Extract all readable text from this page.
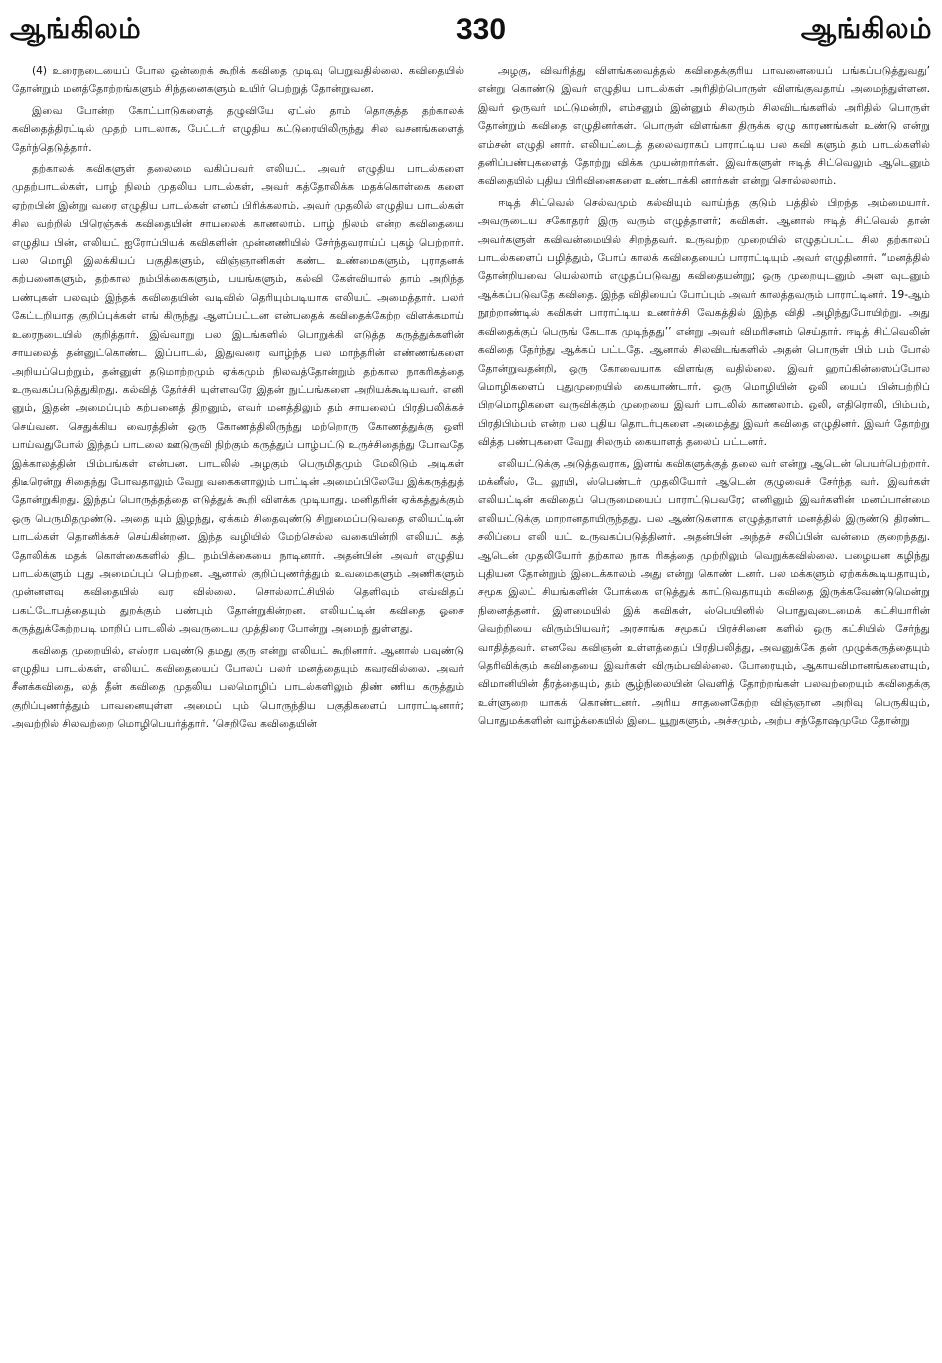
ஆங்கிலம்	330	ஆங்கிலம்

(4) உரைநடையைப் போல ஒன்றைக் கூறிக் கவிதை முடிவு பெறுவதில்லை. கவிதையில் தோன்றும் மனத்தோற்றங்களும் சிந்தனைகளும் உயிர் பெற்றுத் தோன்றுவன.

இவை போன்ற கோட்பாடுகளைத் தழுவியே ஏட்ஸ் தாம் தொகுத்த தற்காலக் கவிதைத்திரட்டில் முதற் பாடலாக, பேட்டர் எழுதிய கட்டுரையிலிருந்து சில வசனங்களைத் தேர்ந்தெடுத்தார்.

தற்காலக் கவிகளுள் தலைமை வகிப்பவர் எலியட். அவர் எழுதிய பாடல்களை முதற்பாடல்கள், பாழ் நிலம் முதலிய பாடல்கள், அவர் கத்தோலிக்க மதக்கொள்கை களை ஏற்றபின் இன்று வரை எழுதிய பாடல்கள் எனப் பிரிக்கலாம். அவர் முதலில் எழுதிய பாடல்கள் சில வற்றில் பிரெஞ்சுக் கவிதையின் சாயலைக் காணலாம். பாழ் நிலம் என்ற கவிதையை எழுதிய பின், எலியட் ஐரோப்பியக் கவிகளின் முன்னணியில் சேர்ந்தவராய்ப் புகழ் பெற்றார். பல மொழி இலக்கியப் பகுதிகளும், விஞ்ஞானிகள் கண்ட உண்மைகளும், புராதனக் கற்பனைகளும், தற்கால நம்பிக்கைகளும், பயங்களும், கல்வி கேள்வியால் தாம் அறிந்த பண்புகள் பலவும் இந்தக் கவிதையின் வடிவில் தெரியும்படியாக எலியட் அமைத்தார். பலர் கேட்டறியாத குறிப்புக்கள் எங் கிருந்து ஆளப்பட்டன என்பதைக் கவிதைக்கேற்ற விளக்கமாய் உரைநடையில் குறித்தார். இவ்வாறு பல இடங்களில் பொறுக்கி எடுத்த கருத்துக்களின் சாயலைத் தன்னுட்கொண்ட இப்பாடல், இதுவரை வாழ்ந்த பல மாந்தரின் எண்ணங்களை அறியப்பெற்றும், தன்னுள் தடுமாற்றமும் ஏக்கமும் நிலவத்தோன்றும் தற்கால நாகரிகத்தை உருவகப்படுத்துகிறது. கல்வித் தேர்ச்சி யுள்ளவரே இதன் நுட்பங்களை அறியக்கூடியவர். எனி னும், இதன் அமைப்பும் கற்பனைத் திறனும், எவர் மனத்திலும் தம் சாயலைப் பிரதிபலிக்கச் செய்வன. செதுக்கிய வைரத்தின் ஒரு கோணத்திலிருந்து மற்றொரு கோணத்துக்கு ஒளி பாய்வதுபோல் இந்தப் பாடலை ஊடுருவி நிற்கும் கருத்துப் பாழ்பட்டு உருச்சிதைந்து போவதே இக்காலத்தின் பிம்பங்கள் என்பன. பாடலில் அழகும் பெருமிதமும் மேலிடும் அடிகள் திடீரென்று சிதைந்து போவதாலும் வேறு வகைகளாலும் பாட்டின் அமைப்பிலேயே இக்கருத்துத் தோன்றுகிறது. இந்தப் பொருத்தத்தை எடுத்துக் கூறி விளக்க முடியாது. மனிதரின் ஏக்கத்துக்கும் ஒரு பெருமிதமுண்டு. அதை யும் இழந்து, ஏக்கம் சிதைவுண்டு சிறுமைப்படுவதை எலியட்டின் பாடல்கள் தொனிக்கச் செய்கின்றன. இந்த வழியில் மேற்செல்ல வகையின்றி எலியட் கத் தோலிக்க மதக் கொள்கைகளில் திட நம்பிக்கையை நாடினார். அதன்பின் அவர் எழுதிய பாடல்களும் புது அமைப்புப் பெற்றன. ஆனால் குறிப்புணர்த்தும் உவமைகளும் அணிகளும் முன்னளவு கவிதையில் வர வில்லை. சொல்லாட்சியில் தெளிவும் எவ்விதப் பகட்டோபத்தையும் துறக்கும் பண்பும் தோன்றுகின்றன. எலியட்டின் கவிதை ஓசை கருத்துக்கேற்றபடி மாறிப் பாடலில் அவருடைய முத்திரை போன்று அமைந் துள்ளது.

கவிதை முறையில், எஸ்ரா பவுண்டு தமது குரு என்று எலியட் கூறினார். ஆனால் பவுண்டு எழுதிய பாடல்கள், எலியட் கவிதையைப் போலப் பலர் மனத்தையும் கவரவில்லை. அவர் சீனக்கவிதை, லத் தீன் கவிதை முதலிய பலமொழிப் பாடல்களிலும் திண் ணிய கருத்தும் குறிப்புணர்த்தும் பாவனையுள்ள அமைப் பும் பொருந்திய பகுதிகளைப் பாராட்டினார்; அவற்றில் சிலவற்றை மொழிபெயர்த்தார். ‘செறிவே கவிதையின்

அழகு, விவரித்து விளங்கவைத்தல் கவிதைக்குரிய பாவனையைப் பங்கப்படுத்துவது’ என்று கொண்டு இவர் எழுதிய பாடல்கள் அரிதிற்பொருள் விளங்குவதாய் அமைந்துள்ளன. இவர் ஒருவர் மட்டுமன்றி, எம்சனும் இன்னும் சிலரும் சிலவிடங்களில் அரிதில் பொருள் தோன்றும் கவிதை எழுதினர்கள். பொருள் விளங்கா திருக்க ஏழு காரணங்கள் உண்டு என்று எம்சன் எழுதி னார். எலியட்டைத் தலைவராகப் பாராட்டிய பல கவி களும் தம் பாடல்களில் தனிப்பண்புகளைத் தோற்று விக்க முயன்றார்கள். இவர்களுள் ஈடித் சிட்வெலும் ஆடெனும் கவிதையில் புதிய பிரிவினைகளை உண்டாக்கி னார்கள் என்று சொல்லலாம்.

ஈடித் சிட்வெல் செல்வமும் கல்வியும் வாய்ந்த குடும் பத்தில் பிறந்த அம்மையார். அவருடைய சகோதரர் இரு வரும் எழுத்தாளர்; கவிகள். ஆனால் ஈடித் சிட்வெல் தான் அவர்களுள் கவிவன்மையில் சிறந்தவர். உருவற்ற முறையில் எழுதப்பட்ட சில தற்காலப் பாடல்களைப் பழித்தும், போப் காலக் கவிதையைப் பாராட்டியும் அவர் எழுதினார். “மனத்தில் தோன்றியவை யெல்லாம் எழுதப்படுவது கவிதையன்று; ஒரு முறையுடனும் அள வுடனும் ஆக்கப்படுவதே கவிதை. இந்த விதியைப் போப்பும் அவர் காலத்தவரும் பாராட்டினர். 19-ஆம் நூற்றாண்டில் கவிகள் பாராட்டிய உணர்ச்சி வேகத்தில் இந்த விதி அழிந்துபோயிற்று. அது கவிதைக்குப் பெருங் கேடாக முடிந்தது’’ என்று அவர் விமரிசனம் செய்தார். ஈடித் சிட்வெலின் கவிதை தேர்ந்து ஆக்கப் பட்டதே. ஆனால் சிலவிடங்களில் அதன் பொருள் பிம் பம் போல் தோன்றுவதன்றி, ஒரு கோவையாக விளங்கு வதில்லை. இவர் ஹாப்கின்ஸைப்போல மொழிகளைப் புதுமுறையில் கையாண்டார். ஒரு மொழியின் ஒலி யைப் பின்பற்றிப் பிறமொழிகளை வருவிக்கும் முறையை இவர் பாடலில் காணலாம். ஒலி, எதிரொலி, பிம்பம், பிரதிபிம்பம் என்ற பல புதிய தொடர்புகளை அமைத்து இவர் கவிதை எழுதினர். இவர் தோற்று வித்த பண்புகளை வேறு சிலரும் கையாளத் தலைப் பட்டனர்.

எலியட்டுக்கு அடுத்தவராக, இளங் கவிகளுக்குத் தலை வர் என்று ஆடென் பெயர்பெற்றார். மக்னீஸ், டே லூயி, ஸ்பெண்டர் முதலியோர் ஆடென் குழுவைச் சேர்ந்த வர். இவர்கள் எலியட்டின் கவிதைப் பெருமையைப் பாராட்டுபவரே; எனினும் இவர்களின் மனப்பான்மை எலியட்டுக்கு மாறானதாயிருந்தது. பல ஆண்டுகளாக எழுத்தாளர் மனத்தில் இருண்டு திரண்ட சலிப்பை எலி யட் உருவகப்படுத்தினர். அதன்பின் அந்தச் சலிப்பின் வன்மை குறைந்தது. ஆடென் முதலியோர் தற்கால நாக ரிகத்தை முற்றிலும் வெறுக்கவில்லை. பழையன கழிந்து புதியன தோன்றும் இடைக்காலம் அது என்று கொண் டனர். பல மக்களும் ஏற்கக்கூடியதாயும், சமூக இலட் சியங்களின் போக்கை எடுத்துக் காட்டுவதாயும் கவிதை இருக்கவேண்டுமென்று நினைத்தனர். இளமையில் இக் கவிகள், ஸ்பெயினில் பொதுவுடைமைக் கட்சியாரின் வெற்றியை விரும்பியவர்; அரசாங்க சமூகப் பிரச்சினை களில் ஒரு கட்சியில் சேர்ந்து வாதித்தவர். எனவே கவிஞன் உள்ளத்தைப் பிரதிபலித்து, அவனுக்கே தன் முழுக்கருத்தையும் தெரிவிக்கும் கவிதையை இவர்கள் விரும்பவில்லை. போரையும், ஆகாயவிமானங்களையும், விமானியின் தீரத்தையும், தம் சூழ்நிலையின் வெளித் தோற்றங்கள் பலவற்றையும் கவிதைக்கு உள்ளுறை யாகக் கொண்டனர். அரிய சாதனைகேற்ற விஞ்ஞான அறிவு பெருகியும், பொதுமக்களின் வாழ்க்கையில் இடை யூறுகளும், அச்சமும், அற்ப சந்தோஷமுமே தோன்று
